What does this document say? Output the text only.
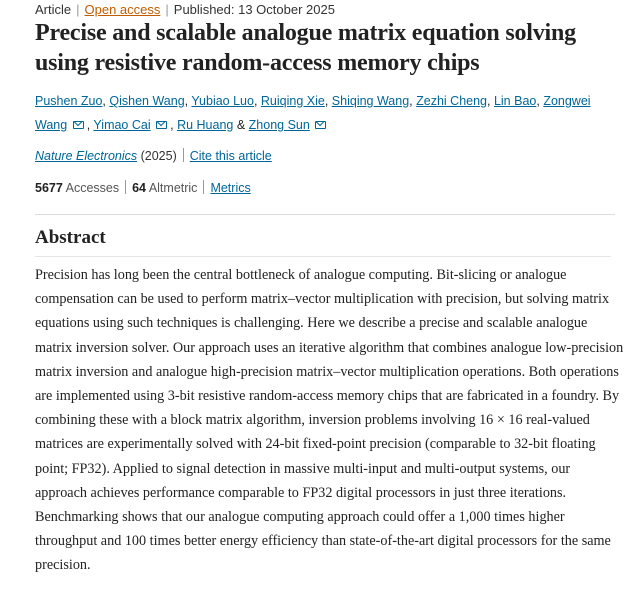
Article | Open access | Published: 13 October 2025
Precise and scalable analogue matrix equation solving using resistive random-access memory chips
Pushen Zuo, Qishen Wang, Yubiao Luo, Ruiqing Xie, Shiqing Wang, Zezhi Cheng, Lin Bao, Zongwei Wang , Yimao Cai , Ru Huang & Zhong Sun
Nature Electronics (2025) Cite this article
5677 Accesses 64 Altmetric Metrics
Abstract

Precision has long been the central bottleneck of analogue computing. Bit-slicing or analogue compensation can be used to perform matrix–vector multiplication with precision, but solving matrix equations using such techniques is challenging. Here we describe a precise and scalable analogue matrix inversion solver. Our approach uses an iterative algorithm that combines analogue low-precision matrix inversion and analogue high-precision matrix–vector multiplication operations. Both operations are implemented using 3-bit resistive random-access memory chips that are fabricated in a foundry. By combining these with a block matrix algorithm, inversion problems involving 16 × 16 real-valued matrices are experimentally solved with 24-bit fixed-point precision (comparable to 32-bit floating point; FP32). Applied to signal detection in massive multi-input and multi-output systems, our approach achieves performance comparable to FP32 digital processors in just three iterations. Benchmarking shows that our analogue computing approach could offer a 1,000 times higher throughput and 100 times better energy efficiency than state-of-the-art digital processors for the same precision.
